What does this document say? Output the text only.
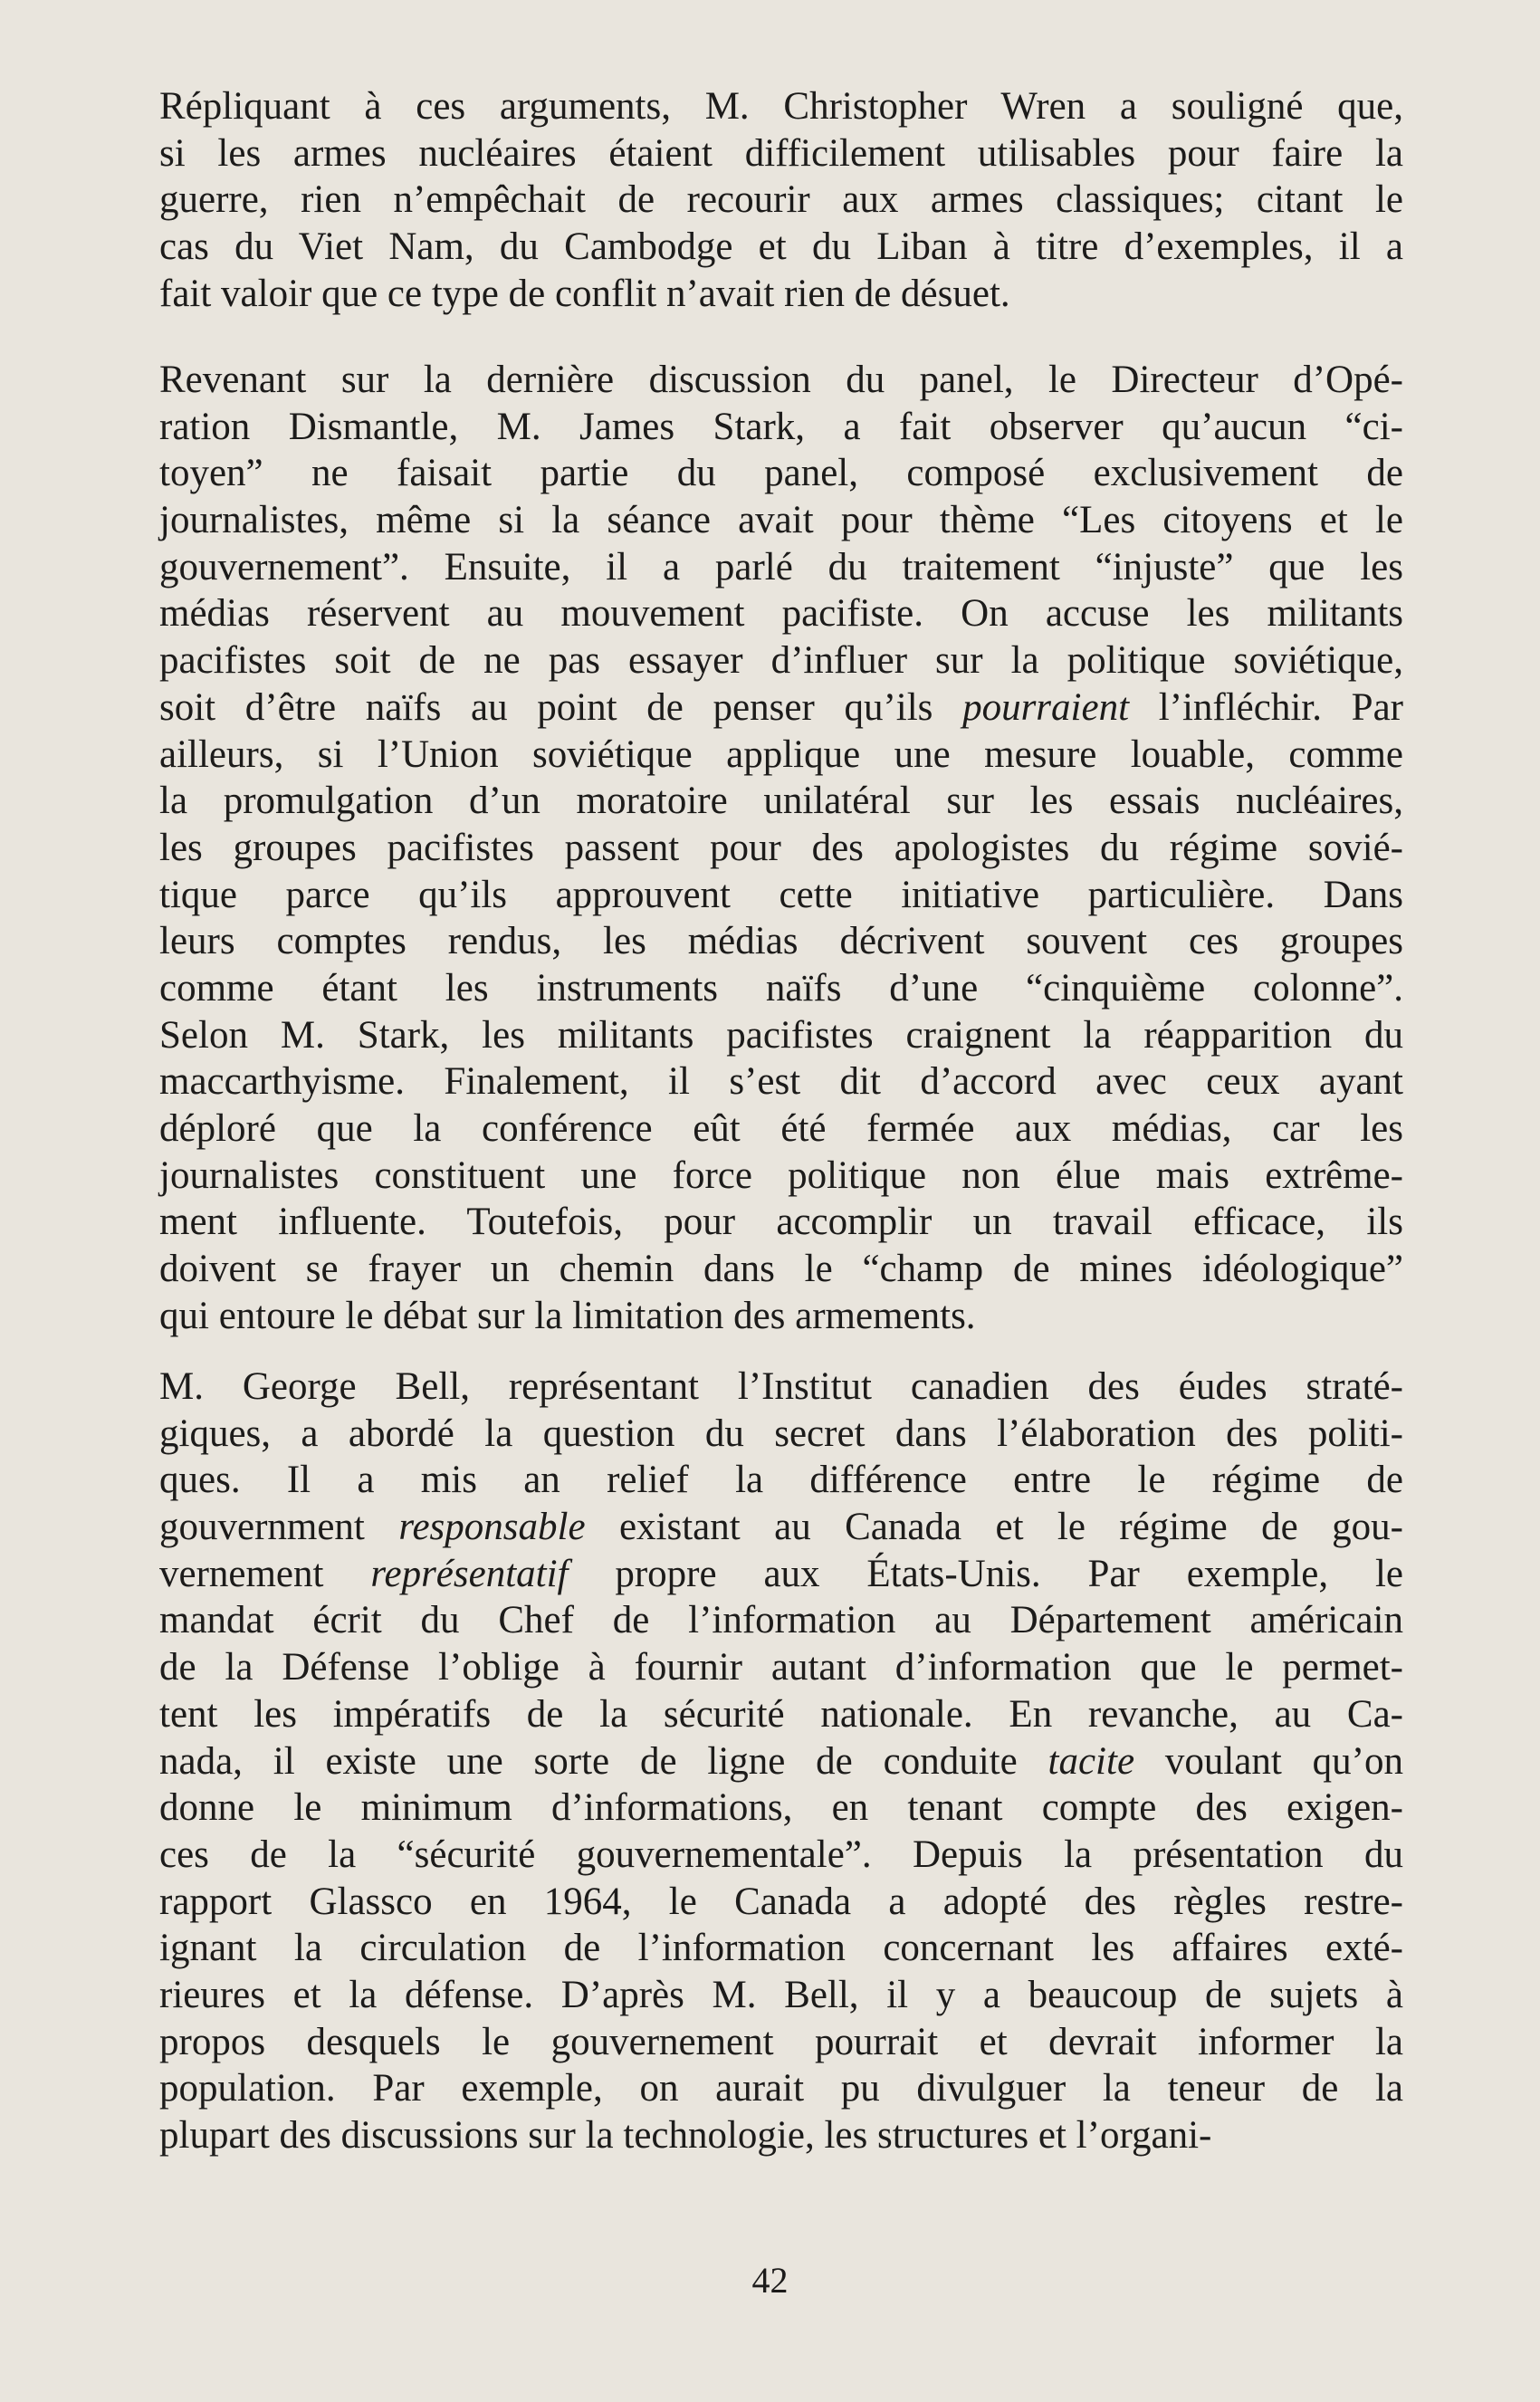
Répliquant à ces arguments, M. Christopher Wren a souligné que,
si les armes nucléaires étaient difficilement utilisables pour faire la
guerre, rien n’empêchait de recourir aux armes classiques; citant le
cas du Viet Nam, du Cambodge et du Liban à titre d’exemples, il a
fait valoir que ce type de conflit n’avait rien de désuet.
Revenant sur la dernière discussion du panel, le Directeur d’Opé-
ration Dismantle, M. James Stark, a fait observer qu’aucun “ci-
toyen” ne faisait partie du panel, composé exclusivement de
journalistes, même si la séance avait pour thème “Les citoyens et le
gouvernement”. Ensuite, il a parlé du traitement “injuste” que les
médias réservent au mouvement pacifiste. On accuse les militants
pacifistes soit de ne pas essayer d’influer sur la politique soviétique,
soit d’être naïfs au point de penser qu’ils pourraient l’infléchir. Par
ailleurs, si l’Union soviétique applique une mesure louable, comme
la promulgation d’un moratoire unilatéral sur les essais nucléaires,
les groupes pacifistes passent pour des apologistes du régime sovié-
tique parce qu’ils approuvent cette initiative particulière. Dans
leurs comptes rendus, les médias décrivent souvent ces groupes
comme étant les instruments naïfs d’une “cinquième colonne”.
Selon M. Stark, les militants pacifistes craignent la réapparition du
maccarthyisme. Finalement, il s’est dit d’accord avec ceux ayant
déploré que la conférence eût été fermée aux médias, car les
journalistes constituent une force politique non élue mais extrême-
ment influente. Toutefois, pour accomplir un travail efficace, ils
doivent se frayer un chemin dans le “champ de mines idéologique”
qui entoure le débat sur la limitation des armements.
M. George Bell, représentant l’Institut canadien des éudes straté-
giques, a abordé la question du secret dans l’élaboration des politi-
ques. Il a mis an relief la différence entre le régime de
gouvernment responsable existant au Canada et le régime de gou-
vernement représentatif propre aux États-Unis. Par exemple, le
mandat écrit du Chef de l’information au Département américain
de la Défense l’oblige à fournir autant d’information que le permet-
tent les impératifs de la sécurité nationale. En revanche, au Ca-
nada, il existe une sorte de ligne de conduite tacite voulant qu’on
donne le minimum d’informations, en tenant compte des exigen-
ces de la “sécurité gouvernementale”. Depuis la présentation du
rapport Glassco en 1964, le Canada a adopté des règles restre-
ignant la circulation de l’information concernant les affaires exté-
rieures et la défense. D’après M. Bell, il y a beaucoup de sujets à
propos desquels le gouvernement pourrait et devrait informer la
population. Par exemple, on aurait pu divulguer la teneur de la
plupart des discussions sur la technologie, les structures et l’organi-
42
